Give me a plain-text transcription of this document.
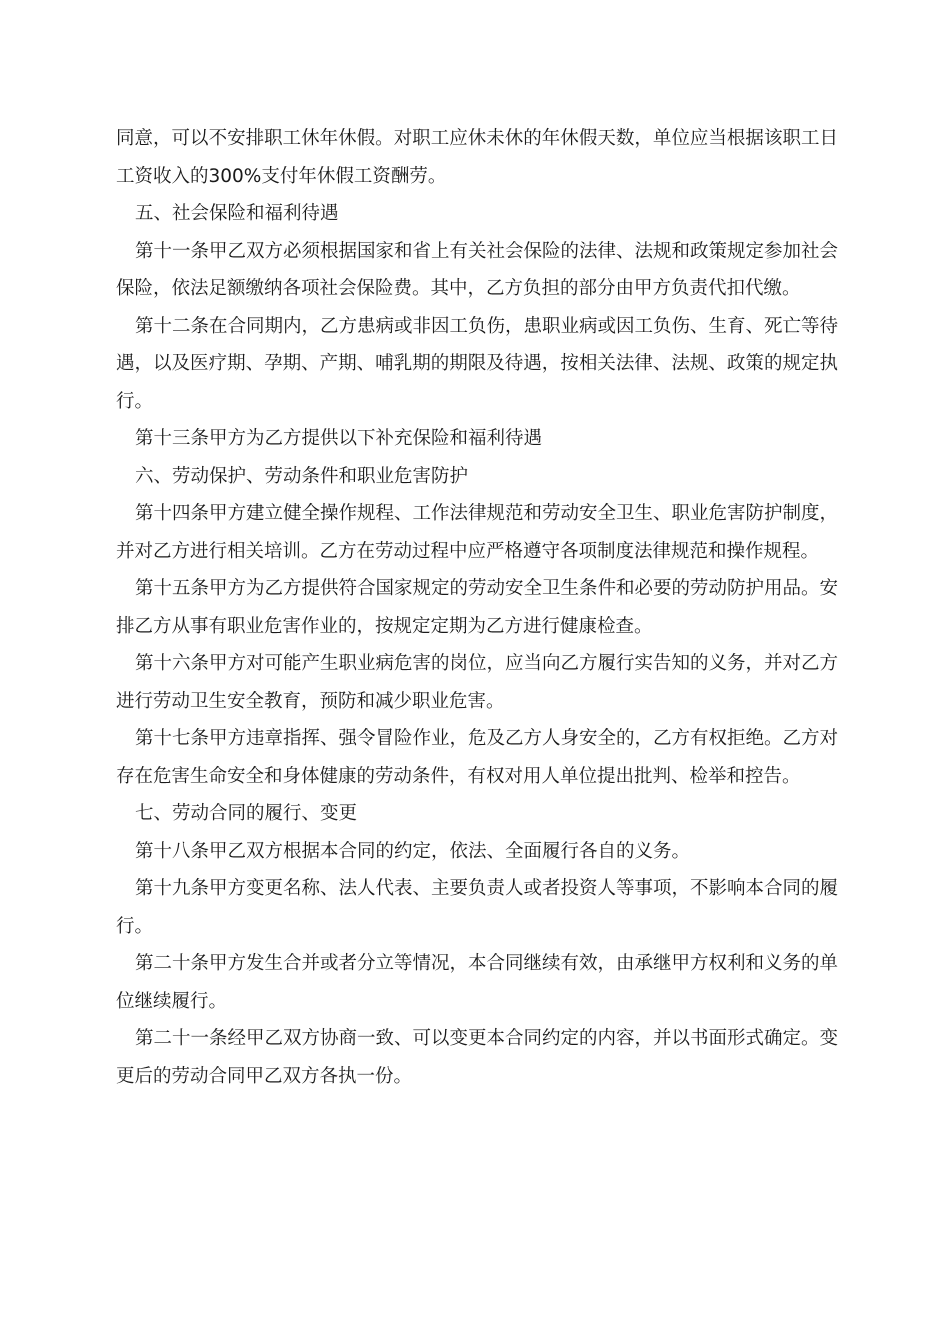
同意，可以不安排职工休年休假。对职工应休未休的年休假天数，单位应当根据该职工日工资收入的300%支付年休假工资酬劳。

五、社会保险和福利待遇

第十一条甲乙双方必须根据国家和省上有关社会保险的法律、法规和政策规定参加社会保险，依法足额缴纳各项社会保险费。其中，乙方负担的部分由甲方负责代扣代缴。

第十二条在合同期内，乙方患病或非因工负伤，患职业病或因工负伤、生育、死亡等待遇，以及医疗期、孕期、产期、哺乳期的期限及待遇，按相关法律、法规、政策的规定执行。

第十三条甲方为乙方提供以下补充保险和福利待遇

六、劳动保护、劳动条件和职业危害防护

第十四条甲方建立健全操作规程、工作法律规范和劳动安全卫生、职业危害防护制度，并对乙方进行相关培训。乙方在劳动过程中应严格遵守各项制度法律规范和操作规程。

第十五条甲方为乙方提供符合国家规定的劳动安全卫生条件和必要的劳动防护用品。安排乙方从事有职业危害作业的，按规定定期为乙方进行健康检查。

第十六条甲方对可能产生职业病危害的岗位，应当向乙方履行实告知的义务，并对乙方进行劳动卫生安全教育，预防和减少职业危害。

第十七条甲方违章指挥、强令冒险作业，危及乙方人身安全的，乙方有权拒绝。乙方对存在危害生命安全和身体健康的劳动条件，有权对用人单位提出批判、检举和控告。

七、劳动合同的履行、变更

第十八条甲乙双方根据本合同的约定，依法、全面履行各自的义务。

第十九条甲方变更名称、法人代表、主要负责人或者投资人等事项，不影响本合同的履行。

第二十条甲方发生合并或者分立等情况，本合同继续有效，由承继甲方权利和义务的单位继续履行。

第二十一条经甲乙双方协商一致、可以变更本合同约定的内容，并以书面形式确定。变更后的劳动合同甲乙双方各执一份。
